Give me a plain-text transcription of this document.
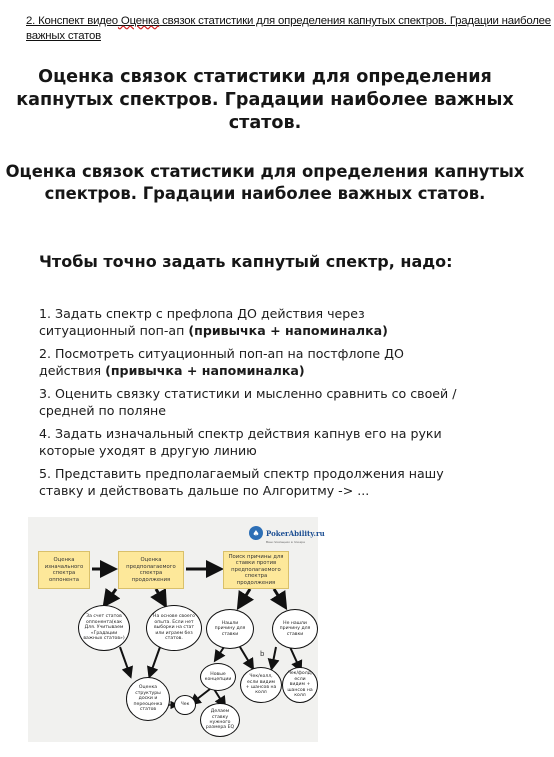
2. Конспект видео Оценка связок статистики для определения капнутых спектров. Градации наиболее важных статов
Оценка связок статистики для определения капнутых спектров. Градации наиболее важных статов.
Оценка связок статистики для определения капнутых спектров. Градации наиболее важных статов.
Чтобы точно задать капнутый спектр, надо:
1. Задать спектр с префлопа ДО действия через ситуационный поп-ап (привычка + напоминалка)
2. Посмотреть ситуационный поп-ап на постфлопе ДО действия (привычка + напоминалка)
3. Оценить связку статистики и мысленно сравнить со своей / средней по поляне
4. Задать изначальный спектр действия капнув его на руки которые уходят в другую линию
5. Представить предполагаемый спектр продолжения нашу ставку и действовать дальше по Алгоритму -> ...
♠ PokerAbility.ru
Ваш помощник в покере
Оценка изначального спектра оппонента
Оценка предполагаемого спектра продолжения
Поиск причины для ставки против предполагаемого спектра продолжения
За счет статов оппонента(как Для. Учитываем «Градации важных статов»)
На основе своего опыта. Если нет выборки на стат или играем без статов.
Нашли причину для ставки
Не нашли причину для ставки
Новые концепции
Чек/колл, если видим + шансов на колл
Чек/фолд, если видим + шансов на колл
Оценка структуры доски и переоценка статов
Чек
Делаем ставку нужного размера EQ
b
